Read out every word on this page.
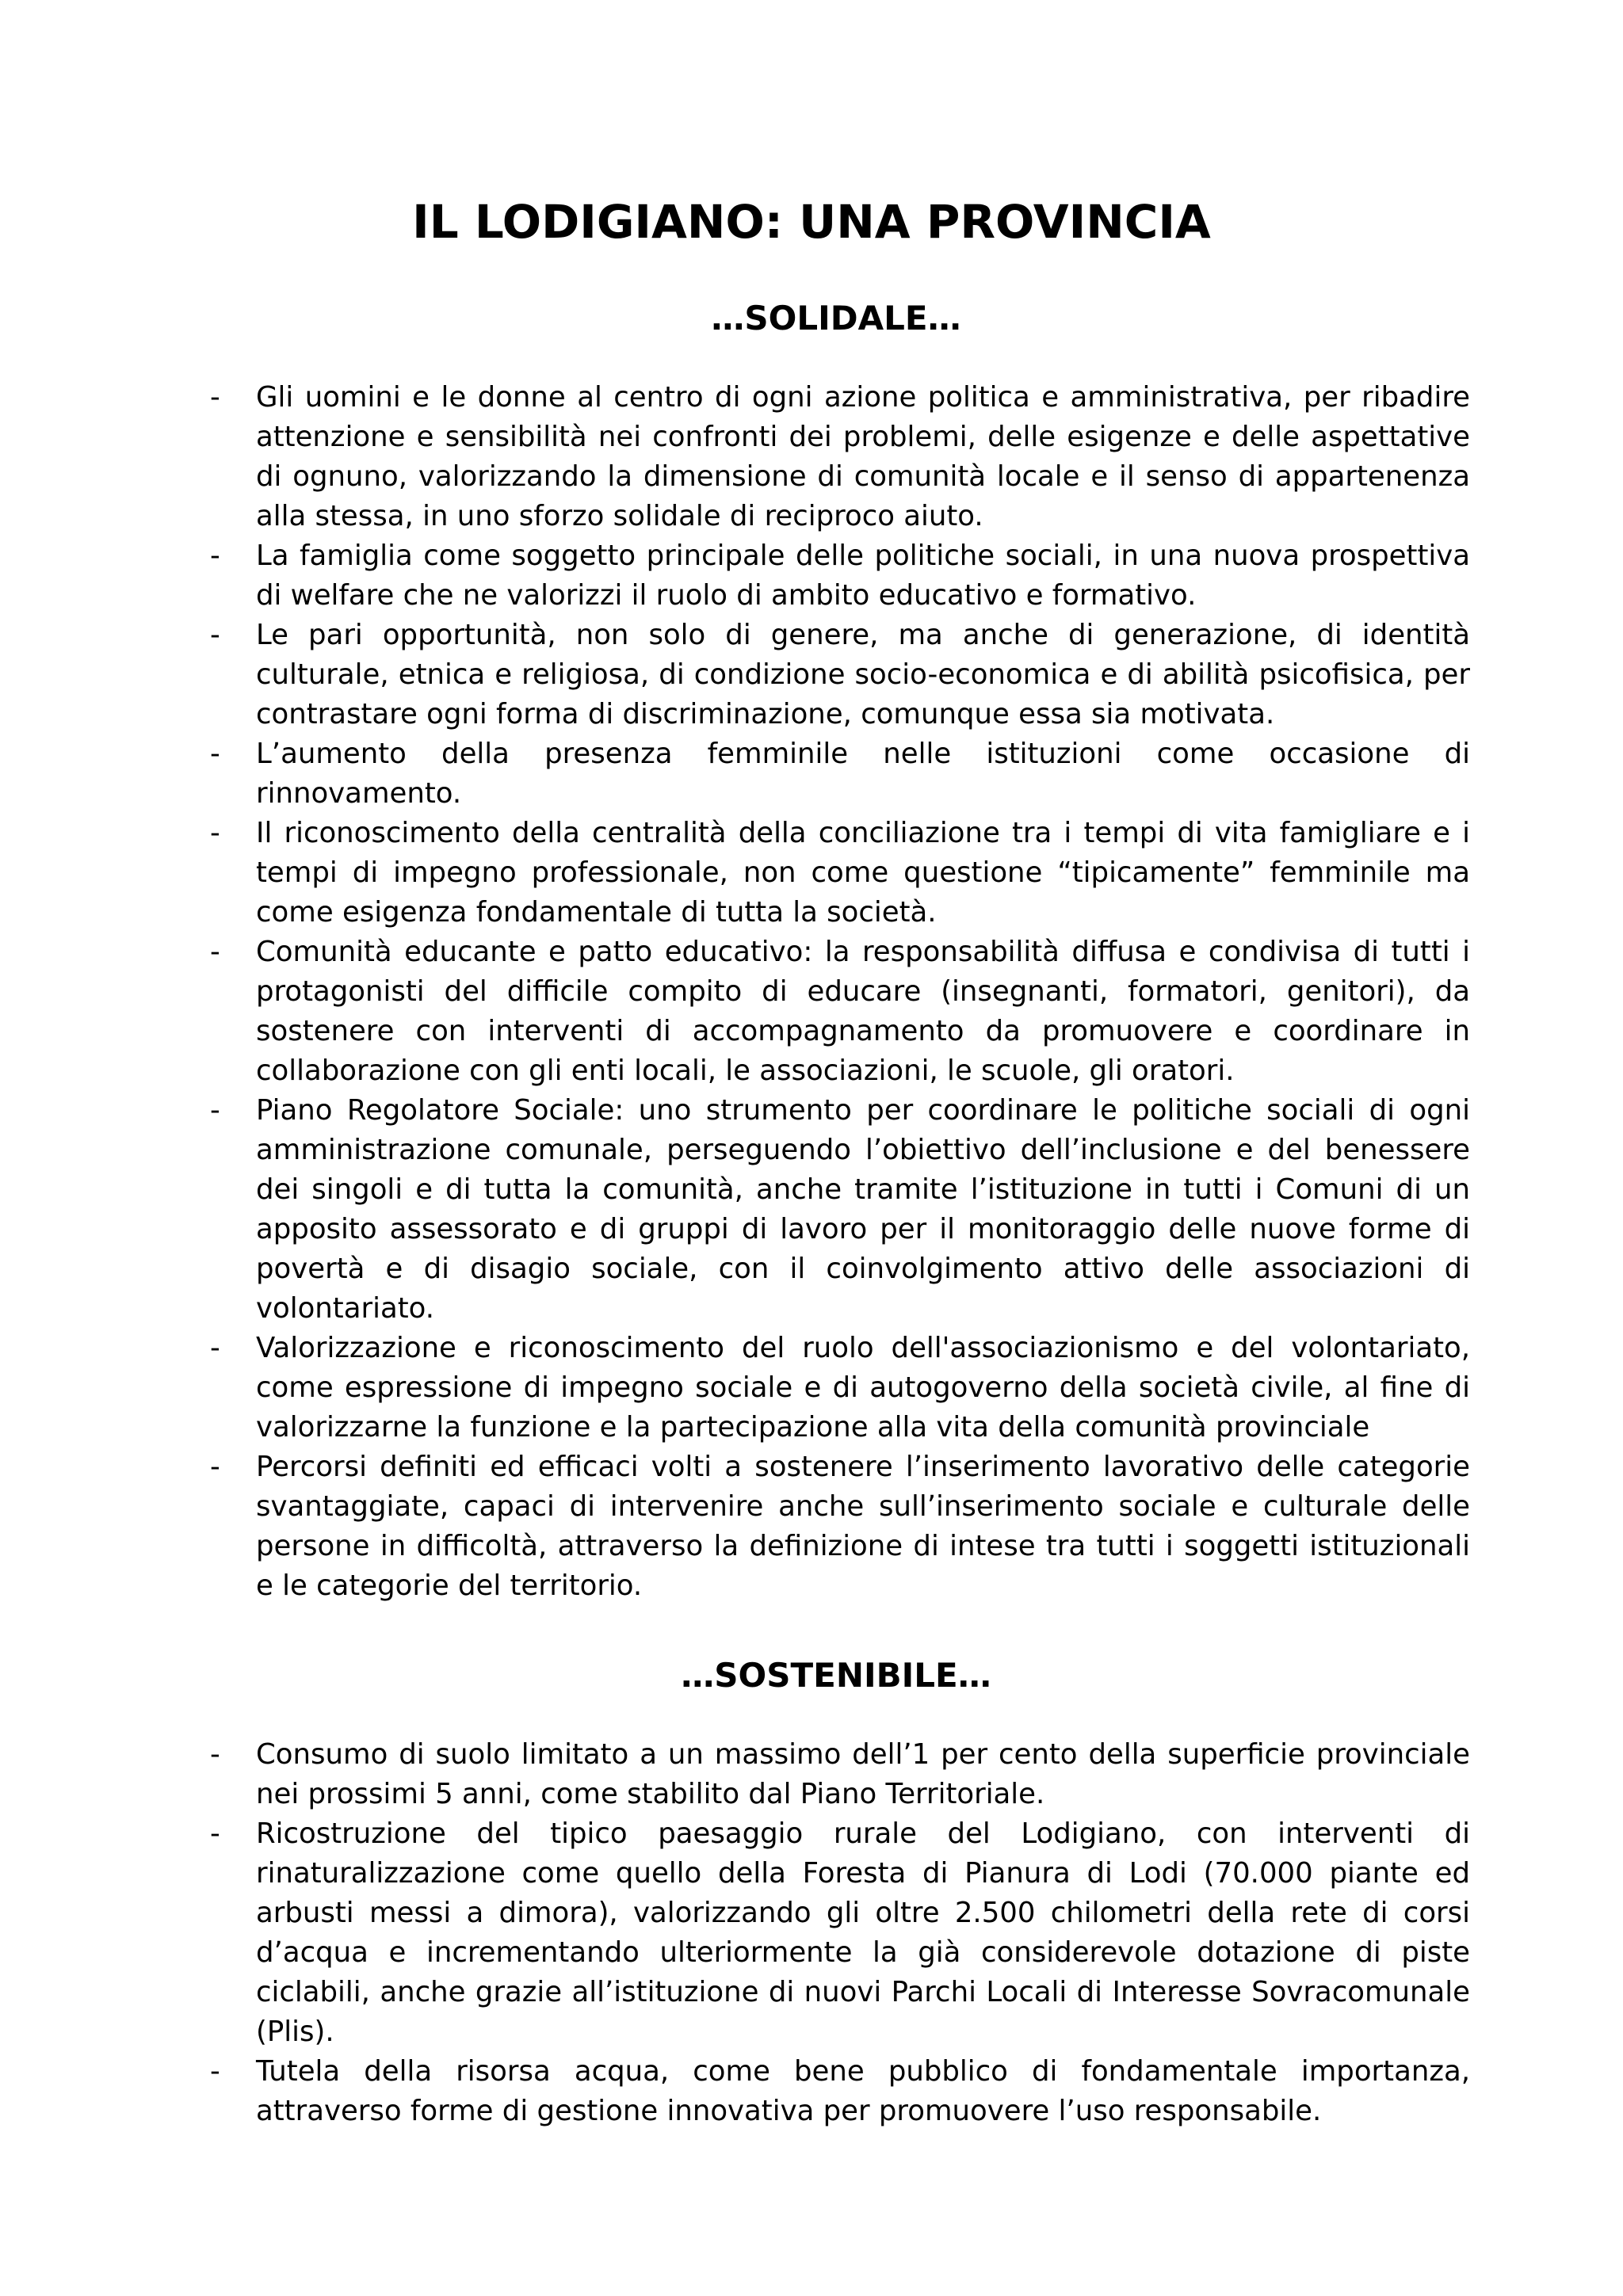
IL LODIGIANO: UNA PROVINCIA
…SOLIDALE…
- Gli uomini e le donne al centro di ogni azione politica e amministrativa, per ribadire attenzione e sensibilità nei confronti dei problemi, delle esigenze e delle aspettative di ognuno, valorizzando la dimensione di comunità locale e il senso di appartenenza alla stessa, in uno sforzo solidale di reciproco aiuto.
- La famiglia come soggetto principale delle politiche sociali, in una nuova prospettiva di welfare che ne valorizzi il ruolo di ambito educativo e formativo.
- Le pari opportunità, non solo di genere, ma anche di generazione, di identità culturale, etnica e religiosa, di condizione socio-economica e di abilità psicofisica, per contrastare ogni forma di discriminazione, comunque essa sia motivata.
- L’aumento della presenza femminile nelle istituzioni come occasione di rinnovamento.
- Il riconoscimento della centralità della conciliazione tra i tempi di vita famigliare e i tempi di impegno professionale, non come questione “tipicamente” femminile ma come esigenza fondamentale di tutta la società.
- Comunità educante e patto educativo: la responsabilità diffusa e condivisa di tutti i protagonisti del difficile compito di educare (insegnanti, formatori, genitori), da sostenere con interventi di accompagnamento da promuovere e coordinare in collaborazione con gli enti locali, le associazioni, le scuole, gli oratori.
- Piano Regolatore Sociale: uno strumento per coordinare le politiche sociali di ogni amministrazione comunale, perseguendo l’obiettivo dell’inclusione e del benessere dei singoli e di tutta la comunità, anche tramite l’istituzione in tutti i Comuni di un apposito assessorato e di gruppi di lavoro per il monitoraggio delle nuove forme di povertà e di disagio sociale, con il coinvolgimento attivo delle associazioni di volontariato.
- Valorizzazione e riconoscimento del ruolo dell'associazionismo e del volontariato, come espressione di impegno sociale e di autogoverno della società civile, al fine di valorizzarne la funzione e la partecipazione alla vita della comunità provinciale
- Percorsi definiti ed efficaci volti a sostenere l’inserimento lavorativo delle categorie svantaggiate, capaci di intervenire anche sull’inserimento sociale e culturale delle persone in difficoltà, attraverso la definizione di intese tra tutti i soggetti istituzionali e le categorie del territorio.
…SOSTENIBILE…
- Consumo di suolo limitato a un massimo dell’1 per cento della superficie provinciale nei prossimi 5 anni, come stabilito dal Piano Territoriale.
- Ricostruzione del tipico paesaggio rurale del Lodigiano, con interventi di rinaturalizzazione come quello della Foresta di Pianura di Lodi (70.000 piante ed arbusti messi a dimora), valorizzando gli oltre 2.500 chilometri della rete di corsi d’acqua e incrementando ulteriormente la già considerevole dotazione di piste ciclabili, anche grazie all’istituzione di nuovi Parchi Locali di Interesse Sovracomunale (Plis).
- Tutela della risorsa acqua, come bene pubblico di fondamentale importanza, attraverso forme di gestione innovativa per promuovere l’uso responsabile.
